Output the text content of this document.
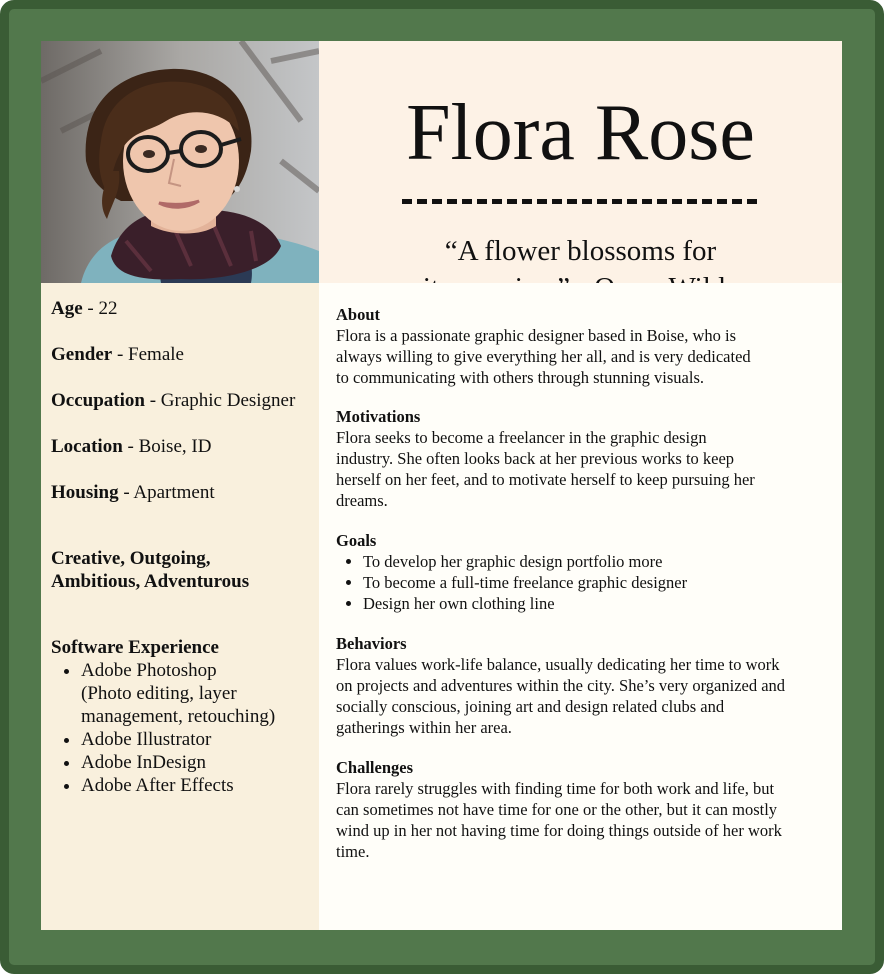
Flora Rose
“A flower blossoms for
Age - 22
Gender - Female
Occupation - Graphic Designer
Location - Boise, ID
Housing - Apartment
Creative, Outgoing,
Ambitious, Adventurous
Software Experience
• Adobe Photoshop
(Photo editing, layer
management, retouching)
• Adobe Illustrator
• Adobe InDesign
• Adobe After Effects
About
Flora is a passionate graphic designer based in Boise, who is
always willing to give everything her all, and is very dedicated
to communicating with others through stunning visuals.
Motivations
Flora seeks to become a freelancer in the graphic design
industry. She often looks back at her previous works to keep
herself on her feet, and to motivate herself to keep pursuing her
dreams.
Goals
• To develop her graphic design portfolio more
• To become a full-time freelance graphic designer
• Design her own clothing line
Behaviors
Flora values work-life balance, usually dedicating her time to work
on projects and adventures within the city. She’s very organized and
socially conscious, joining art and design related clubs and
gatherings within her area.
Challenges
Flora rarely struggles with finding time for both work and life, but
can sometimes not have time for one or the other, but it can mostly
wind up in her not having time for doing things outside of her work
time.
